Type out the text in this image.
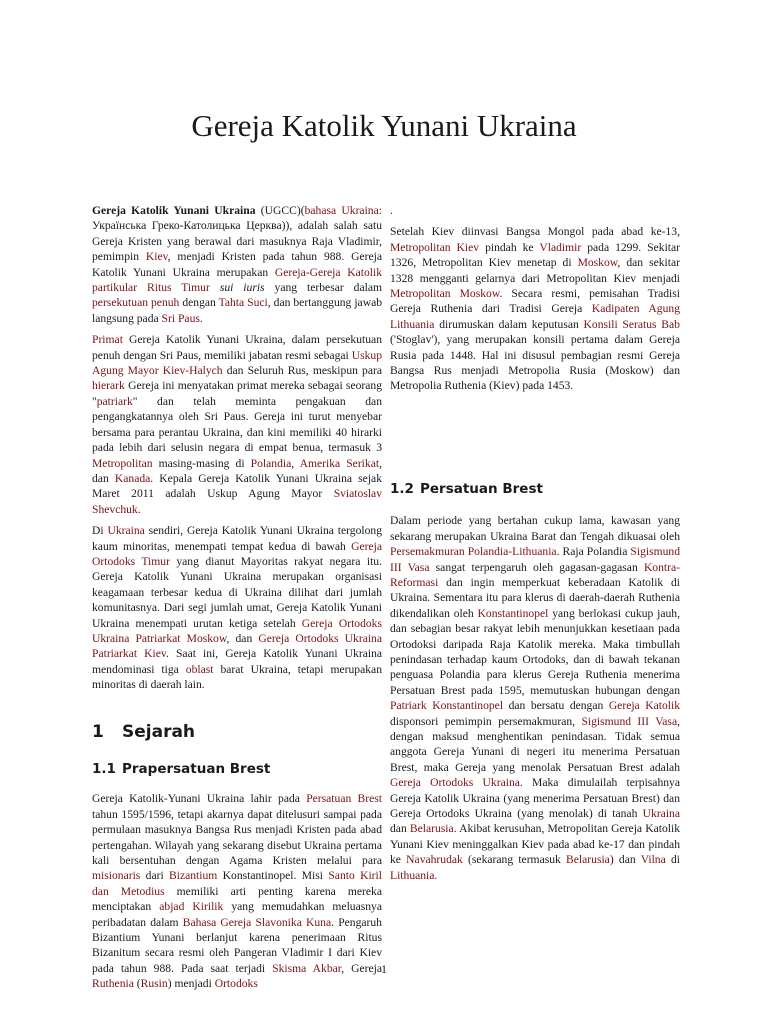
Gereja Katolik Yunani Ukraina

Gereja Katolik Yunani Ukraina (UGCC)(bahasa Ukraina: Українська Греко-Католицька Церква)), adalah salah satu Gereja Kristen yang berawal dari masuknya Raja Vladimir, pemimpin Kiev, menjadi Kristen pada tahun 988. Gereja Katolik Yunani Ukraina merupakan Gereja-Gereja Katolik partikular Ritus Timur sui iuris yang terbesar dalam persekutuan penuh dengan Tahta Suci, dan bertanggung jawab langsung pada Sri Paus.

Primat Gereja Katolik Yunani Ukraina, dalam persekutuan penuh dengan Sri Paus, memiliki jabatan resmi sebagai Uskup Agung Mayor Kiev-Halych dan Seluruh Rus, meskipun para hierark Gereja ini menyatakan primat mereka sebagai seorang "patriark" dan telah meminta pengakuan dan pengangkatannya oleh Sri Paus. Gereja ini turut menyebar bersama para perantau Ukraina, dan kini memiliki 40 hirarki pada lebih dari selusin negara di empat benua, termasuk 3 Metropolitan masing-masing di Polandia, Amerika Serikat, dan Kanada. Kepala Gereja Katolik Yunani Ukraina sejak Maret 2011 adalah Uskup Agung Mayor Sviatoslav Shevchuk.

Di Ukraina sendiri, Gereja Katolik Yunani Ukraina tergolong kaum minoritas, menempati tempat kedua di bawah Gereja Ortodoks Timur yang dianut Mayoritas rakyat negara itu. Gereja Katolik Yunani Ukraina merupakan organisasi keagamaan terbesar kedua di Ukraina dilihat dari jumlah komunitasnya. Dari segi jumlah umat, Gereja Katolik Yunani Ukraina menempati urutan ketiga setelah Gereja Ortodoks Ukraina Patriarkat Moskow, dan Gereja Ortodoks Ukraina Patriarkat Kiev. Saat ini, Gereja Katolik Yunani Ukraina mendominasi tiga oblast barat Ukraina, tetapi merupakan minoritas di daerah lain.

1 Sejarah
1.1 Prapersatuan Brest

Gereja Katolik-Yunani Ukraina lahir pada Persatuan Brest tahun 1595/1596, tetapi akarnya dapat ditelusuri sampai pada permulaan masuknya Bangsa Rus menjadi Kristen pada abad pertengahan. Wilayah yang sekarang disebut Ukraina pertama kali bersentuhan dengan Agama Kristen melalui para misionaris dari Bizantium Konstantinopel. Misi Santo Kiril dan Metodius memiliki arti penting karena mereka menciptakan abjad Kirilik yang memudahkan meluasnya peribadatan dalam Bahasa Gereja Slavonika Kuna. Pengaruh Bizantium Yunani berlanjut karena penerimaan Ritus Bizanitum secara resmi oleh Pangeran Vladimir I dari Kiev pada tahun 988. Pada saat terjadi Skisma Akbar, Gereja Ruthenia (Rusin) menjadi Ortodoks

.

Setelah Kiev diinvasi Bangsa Mongol pada abad ke-13, Metropolitan Kiev pindah ke Vladimir pada 1299. Sekitar 1326, Metropolitan Kiev menetap di Moskow, dan sekitar 1328 mengganti gelarnya dari Metropolitan Kiev menjadi Metropolitan Moskow. Secara resmi, pemisahan Tradisi Gereja Ruthenia dari Tradisi Gereja Kadipaten Agung Lithuania dirumuskan dalam keputusan Konsili Seratus Bab ('Stoglav'), yang merupakan konsili pertama dalam Gereja Rusia pada 1448. Hal ini disusul pembagian resmi Gereja Bangsa Rus menjadi Metropolia Rusia (Moskow) dan Metropolia Ruthenia (Kiev) pada 1453.

1.2 Persatuan Brest

Dalam periode yang bertahan cukup lama, kawasan yang sekarang merupakan Ukraina Barat dan Tengah dikuasai oleh Persemakmuran Polandia-Lithuania. Raja Polandia Sigismund III Vasa sangat terpengaruh oleh gagasan-gagasan Kontra-Reformasi dan ingin memperkuat keberadaan Katolik di Ukraina. Sementara itu para klerus di daerah-daerah Ruthenia dikendalikan oleh Konstantinopel yang berlokasi cukup jauh, dan sebagian besar rakyat lebih menunjukkan kesetiaan pada Ortodoksi daripada Raja Katolik mereka. Maka timbullah penindasan terhadap kaum Ortodoks, dan di bawah tekanan penguasa Polandia para klerus Gereja Ruthenia menerima Persatuan Brest pada 1595, memutuskan hubungan dengan Patriark Konstantinopel dan bersatu dengan Gereja Katolik disponsori pemimpin persemakmuran, Sigismund III Vasa, dengan maksud menghentikan penindasan. Tidak semua anggota Gereja Yunani di negeri itu menerima Persatuan Brest, maka Gereja yang menolak Persatuan Brest adalah Gereja Ortodoks Ukraina. Maka dimulailah terpisahnya Gereja Katolik Ukraina (yang menerima Persatuan Brest) dan Gereja Ortodoks Ukraina (yang menolak) di tanah Ukraina dan Belarusia. Akibat kerusuhan, Metropolitan Gereja Katolik Yunani Kiev meninggalkan Kiev pada abad ke-17 dan pindah ke Navahrudak (sekarang termasuk Belarusia) dan Vilna di Lithuania.

1
